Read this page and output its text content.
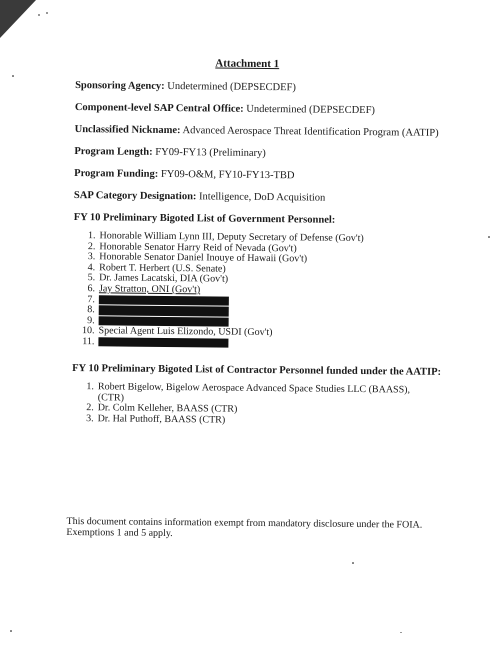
Attachment 1
Sponsoring Agency: Undetermined (DEPSECDEF)
Component-level SAP Central Office: Undetermined (DEPSECDEF)
Unclassified Nickname: Advanced Aerospace Threat Identification Program (AATIP)
Program Length: FY09-FY13 (Preliminary)
Program Funding: FY09-O&M, FY10-FY13-TBD
SAP Category Designation: Intelligence, DoD Acquisition
FY 10 Preliminary Bigoted List of Government Personnel:
1. Honorable William Lynn III, Deputy Secretary of Defense (Gov't)
2. Honorable Senator Harry Reid of Nevada (Gov't)
3. Honorable Senator Daniel Inouye of Hawaii (Gov't)
4. Robert T. Herbert (U.S. Senate)
5. Dr. James Lacatski, DIA (Gov't)
6. Jay Stratton, ONI (Gov't)
7.
8.
9.
10. Special Agent Luis Elizondo, USDI (Gov't)
11.
FY 10 Preliminary Bigoted List of Contractor Personnel funded under the AATIP:
1. Robert Bigelow, Bigelow Aerospace Advanced Space Studies LLC (BAASS), (CTR)
2. Dr. Colm Kelleher, BAASS (CTR)
3. Dr. Hal Puthoff, BAASS (CTR)
This document contains information exempt from mandatory disclosure under the FOIA. Exemptions 1 and 5 apply.
